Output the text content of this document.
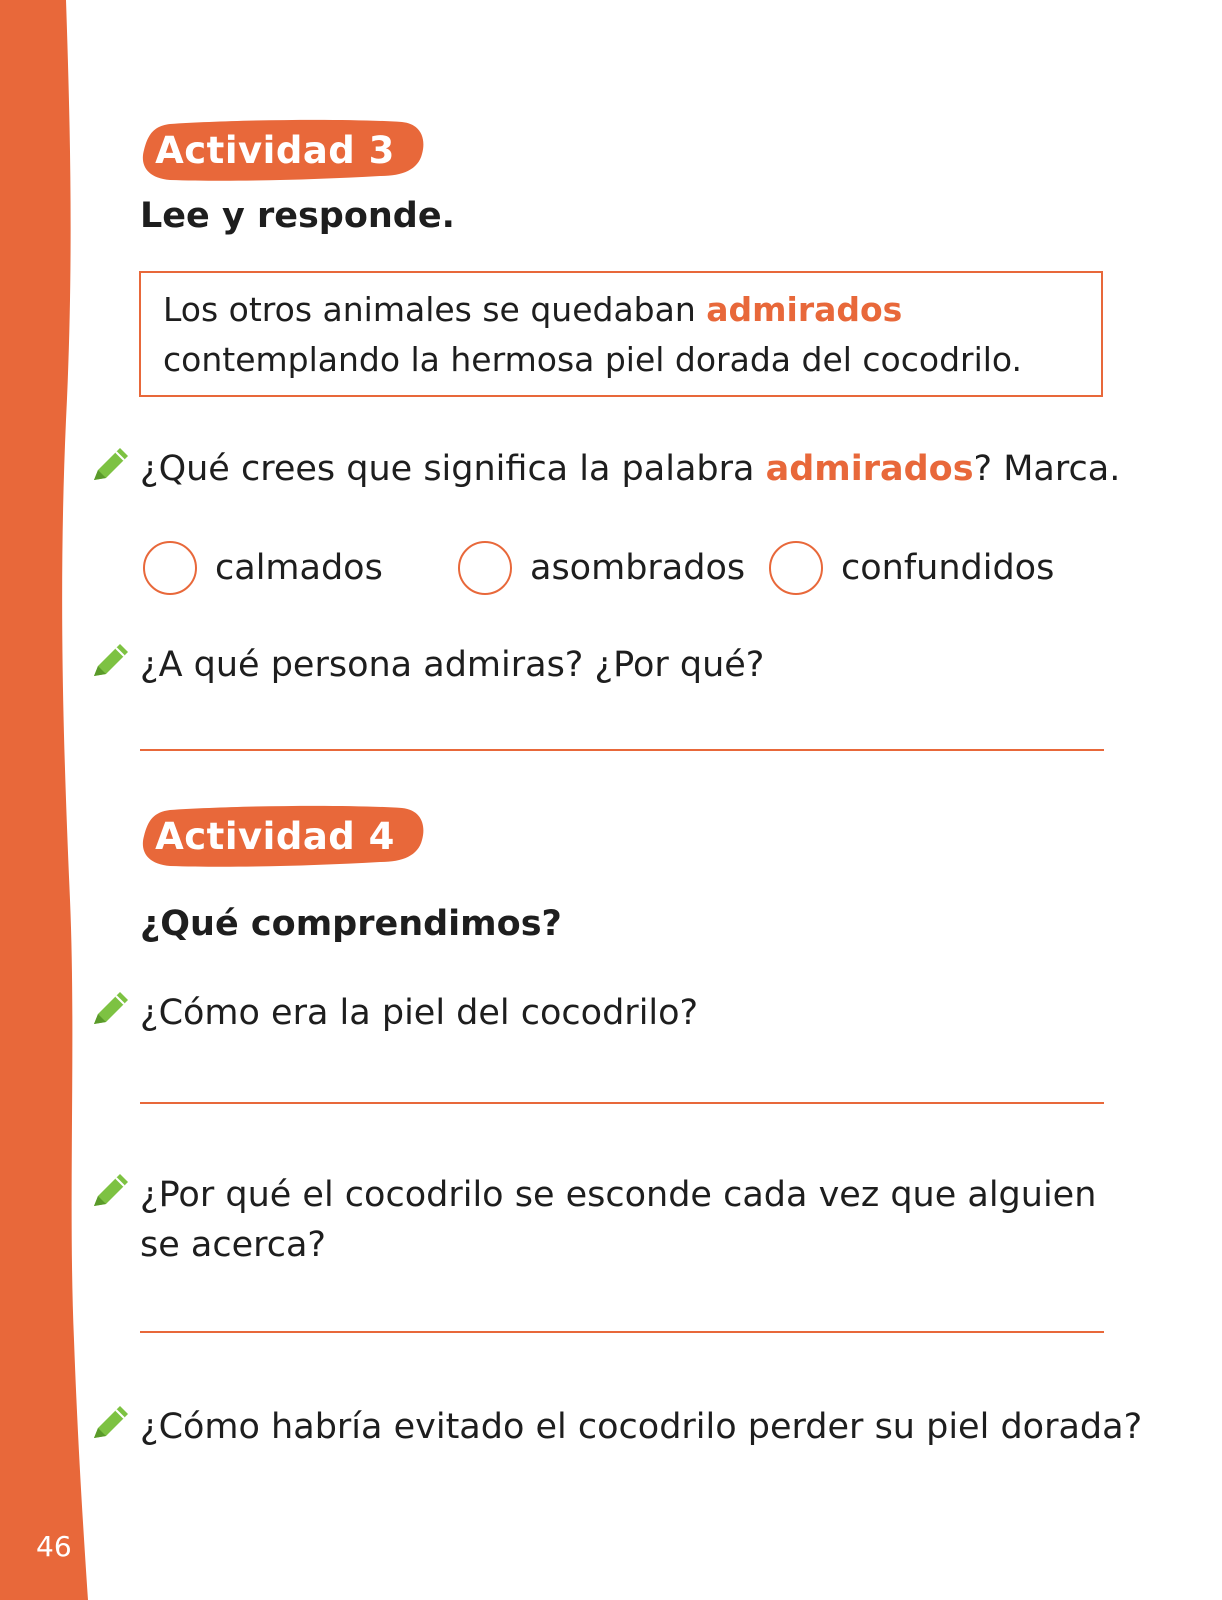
46
Actividad 3
Lee y responde.
Los otros animales se quedaban admirados
contemplando la hermosa piel dorada del cocodrilo.
¿Qué crees que significa la palabra admirados? Marca.
calmados	asombrados	confundidos
¿A qué persona admiras? ¿Por qué?
Actividad 4
¿Qué comprendimos?
¿Cómo era la piel del cocodrilo?
¿Por qué el cocodrilo se esconde cada vez que alguien
se acerca?
¿Cómo habría evitado el cocodrilo perder su piel dorada?
